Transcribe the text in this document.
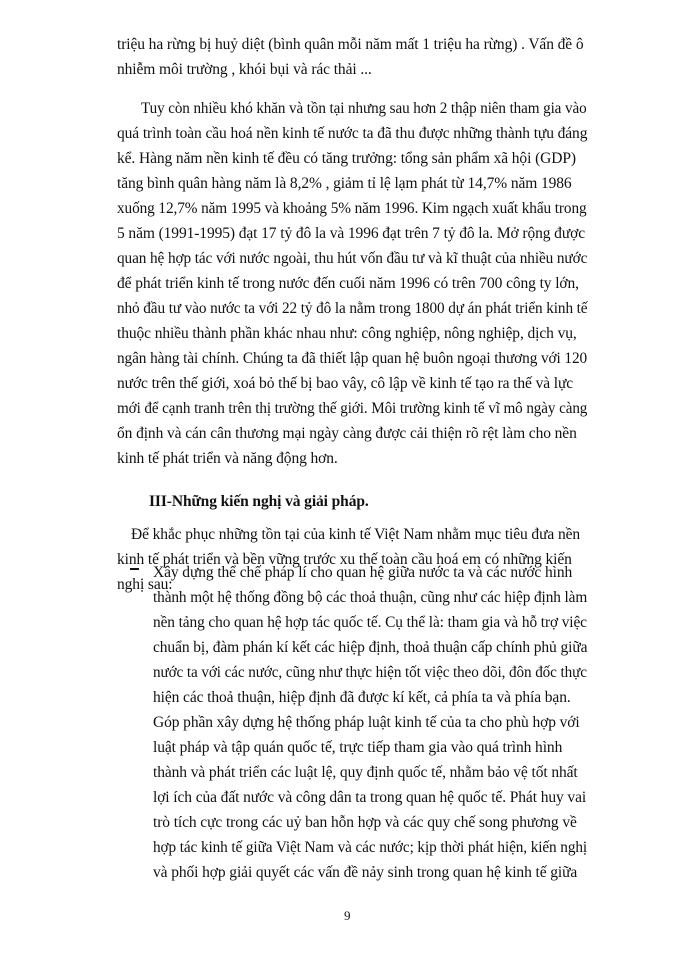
triệu ha rừng bị huỷ diệt (bình quân mỗi năm mất 1 triệu ha rừng) . Vấn đề ô
nhiễm môi trường , khói bụi và rác thải ...
Tuy còn nhiều khó khăn và tồn tại nhưng sau hơn 2 thập niên tham gia vào
quá trình toàn cầu hoá nền kinh tế nước ta đã thu được những thành tựu đáng
kể. Hàng năm nền kinh tế đều có tăng trưởng: tổng sản phẩm xã hội (GDP)
tăng bình quân hàng năm là 8,2% , giảm tỉ lệ lạm phát từ 14,7% năm 1986
xuống 12,7% năm 1995 và khoảng 5% năm 1996. Kim ngạch xuất khẩu trong
5 năm (1991-1995) đạt 17 tỷ đô la và 1996 đạt trên 7 tỷ đô la. Mở rộng được
quan hệ hợp tác với nước ngoài, thu hút vốn đầu tư và kĩ thuật của nhiều nước
để phát triển kinh tế trong nước đến cuối năm 1996 có trên 700 công ty lớn,
nhỏ đầu tư vào nước ta với 22 tỷ đô la nằm trong 1800 dự án phát triển kinh tế
thuộc nhiều thành phần khác nhau như: công nghiệp, nông nghiệp, dịch vụ,
ngân hàng tài chính. Chúng ta đã thiết lập quan hệ buôn ngoại thương với 120
nước trên thế giới, xoá bỏ thế bị bao vây, cô lập về kinh tế tạo ra thế và lực
mới để cạnh tranh trên thị trường thế giới. Môi trường kinh tế vĩ mô ngày càng
ổn định và cán cân thương mại ngày càng được cải thiện rõ rệt làm cho nền
kinh tế phát triển và năng động hơn.
III-Những kiến nghị và giải pháp.
Để khắc phục những tồn tại của kinh tế Việt Nam nhằm mục tiêu đưa nền
kinh tế phát triển và bền vững trước xu thế toàn cầu hoá em có những kiến
nghị sau:
Xây dựng thể chế pháp lí cho quan hệ giữa nước ta và các nước hình
thành một hệ thống đồng bộ các thoả thuận, cũng như các hiệp định làm
nền tảng cho quan hệ hợp tác quốc tế. Cụ thể là: tham gia và hỗ trợ việc
chuẩn bị, đàm phán kí kết các hiệp định, thoả thuận cấp chính phủ giữa
nước ta với các nước, cũng như thực hiện tốt việc theo dõi, đôn đốc thực
hiện các thoả thuận, hiệp định đã được kí kết, cả phía ta và phía bạn.
Góp phần xây dựng hệ thống pháp luật kinh tế của ta cho phù hợp với
luật pháp và tập quán quốc tế, trực tiếp tham gia vào quá trình hình
thành và phát triển các luật lệ, quy định quốc tế, nhằm bảo vệ tốt nhất
lợi ích của đất nước và công dân ta trong quan hệ quốc tế. Phát huy vai
trò tích cực trong các uỷ ban hỗn hợp và các quy chế song phương về
hợp tác kinh tế giữa Việt Nam và các nước; kịp thời phát hiện, kiến nghị
và phối hợp giải quyết các vấn đề nảy sinh trong quan hệ kinh tế giữa
9
